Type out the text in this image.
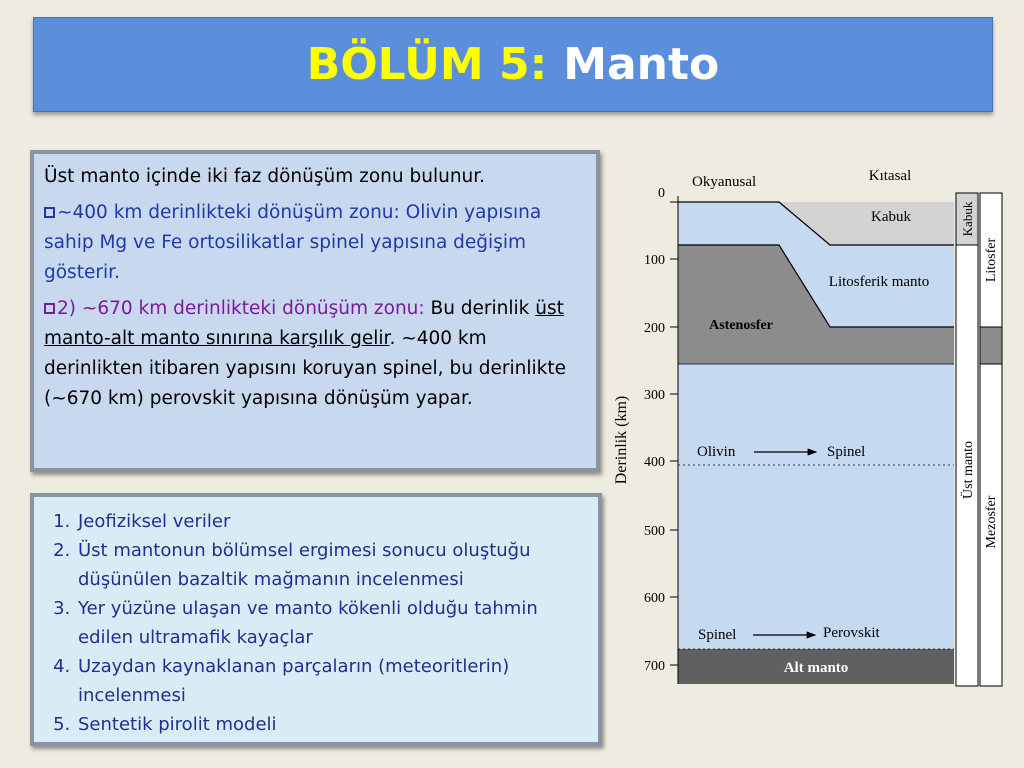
BÖLÜM 5: Manto

Üst manto içinde iki faz dönüşüm zonu bulunur.

~400 km derinlikteki dönüşüm zonu: Olivin yapısına sahip Mg ve Fe ortosilikatlar spinel yapısına değişim gösterir.

2) ~670 km derinlikteki dönüşüm zonu: Bu derinlik üst manto-alt manto sınırına karşılık gelir. ~400 km derinlikten itibaren yapısını koruyan spinel, bu derinlikte (~670 km) perovskit yapısına dönüşüm yapar.

1. Jeofiziksel veriler
2. Üst mantonun bölümsel ergimesi sonucu oluştuğu düşünülen bazaltik mağmanın incelenmesi
3. Yer yüzüne ulaşan ve manto kökenli olduğu tahmin edilen ultramafik kayaçlar
4. Uzaydan kaynaklanan parçaların (meteoritlerin) incelenmesi
5. Sentetik pirolit modeli
0
100
200
300
400
500
600
700
Derinlik (km)
Okyanusal	Kıtasal
Kabuk
Litosferik manto
Astenosfer
Olivin	Spinel
Spinel	Perovskit
Alt manto
Kabuk
Üst manto
Litosfer
Mezosfer
